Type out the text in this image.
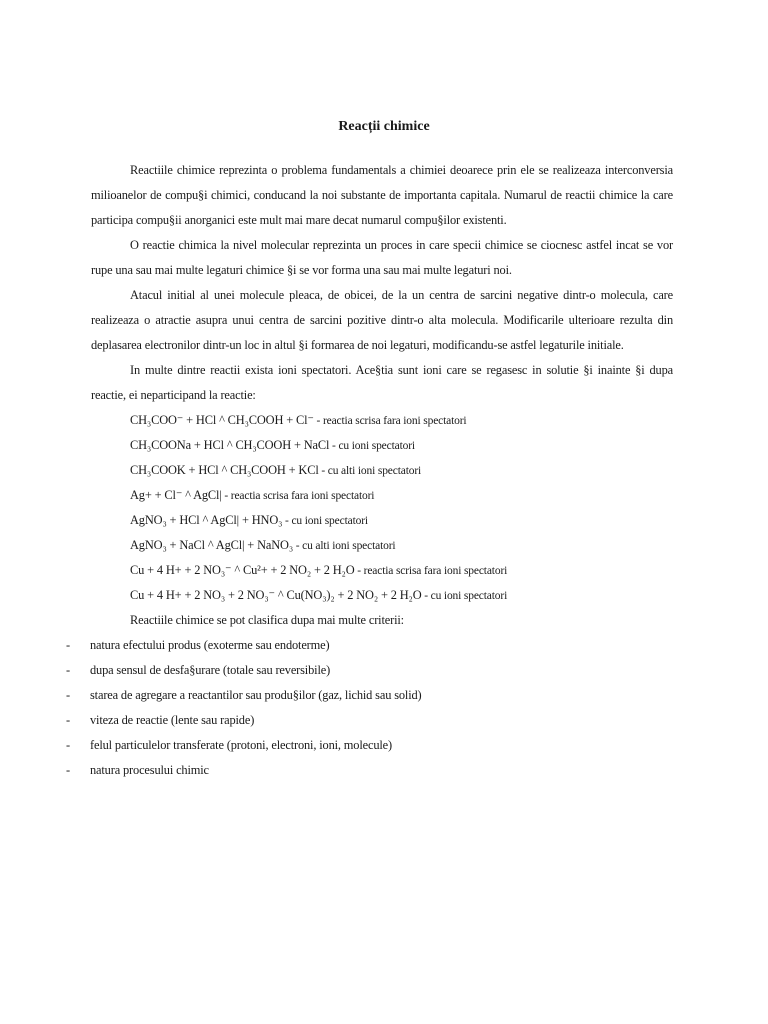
Reacții chimice

Reactiile chimice reprezinta o problema fundamentals a chimiei deoarece prin ele se realizeaza interconversia milioanelor de compu§i chimici, conducand la noi substante de importanta capitala. Numarul de reactii chimice la care participa compu§ii anorganici este mult mai mare decat numarul compu§ilor existenti.

O reactie chimica la nivel molecular reprezinta un proces in care specii chimice se ciocnesc astfel incat se vor rupe una sau mai multe legaturi chimice §i se vor forma una sau mai multe legaturi noi.

Atacul initial al unei molecule pleaca, de obicei, de la un centra de sarcini negative dintr-o molecula, care realizeaza o atractie asupra unui centra de sarcini pozitive dintr-o alta molecula. Modificarile ulterioare rezulta din deplasarea electronilor dintr-un loc in altul §i formarea de noi legaturi, modificandu-se astfel legaturile initiale.

In multe dintre reactii exista ioni spectatori. Ace§tia sunt ioni care se regasesc in solutie §i inainte §i dupa reactie, ei neparticipand la reactie:

CH₃COO⁻ + HCl ^ CH₃COOH + Cl⁻ - reactia scrisa fara ioni spectatori
CH₃COONa + HCl ^ CH₃COOH + NaCl - cu ioni spectatori
CH₃COOK + HCl ^ CH₃COOH + KCl - cu alti ioni spectatori
Ag+ + Cl⁻ ^ AgCl| - reactia scrisa fara ioni spectatori
AgNO₃ + HCl ^ AgCl| + HNO₃ - cu ioni spectatori
AgNO₃ + NaCl ^ AgCl| + NaNO₃ - cu alti ioni spectatori
Cu + 4 H+ + 2 NO₃⁻ ^ Cu²+ + 2 NO₂ + 2 H₂O - reactia scrisa fara ioni spectatori
Cu + 4 H+ + 2 NO₃ + 2 NO₃⁻ ^ Cu(NO₃)₂ + 2 NO₂ + 2 H₂O - cu ioni spectatori
Reactiile chimice se pot clasifica dupa mai multe criterii:
- natura efectului produs (exoterme sau endoterme)
- dupa sensul de desfa§urare (totale sau reversibile)
- starea de agregare a reactantilor sau produ§ilor (gaz, lichid sau solid)
- viteza de reactie (lente sau rapide)
- felul particulelor transferate (protoni, electroni, ioni, molecule)
- natura procesului chimic
